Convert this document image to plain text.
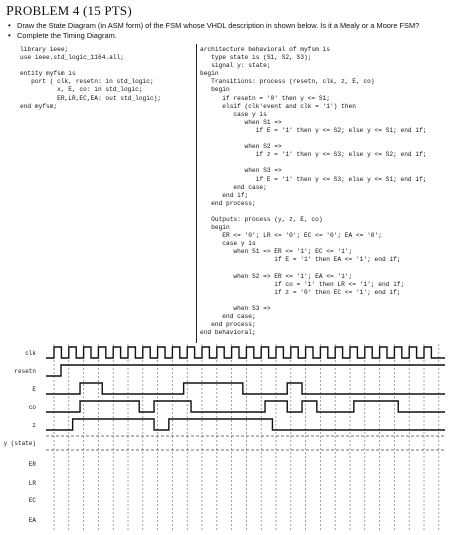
PROBLEM 4 (15 PTS)
• Draw the State Diagram (in ASM form) of the FSM whose VHDL description in shown below. Is it a Mealy or a Moore FSM?
• Complete the Timing Diagram.
library ieee;
use ieee.std_logic_1164.all;

entity myfsm is
port ( clk, resetn: in std_logic;
x, E, co: in std_logic;
ER,LR,EC,EA: out std_logic);
end myfsm;
architecture behavioral of myfsm is
type state is (S1, S2, S3);
signal y: state;
begin
Transitions: process (resetn, clk, z, E, co)
begin
if resetn = '0' then y <= S1;
elsif (clk'event and clk = '1') then
case y is
when S1 =>
if E = '1' then y <= S2; else y <= S1; end if;

when S2 =>
if z = '1' then y <= S3; else y <= S2; end if;

when S3 =>
if E = '1' then y <= S3; else y <= S1; end if;
end case;
end if;
end process;

Outputs: process (y, z, E, co)
begin
ER <= '0'; LR <= '0'; EC <= '0'; EA <= '0';
case y is
when S1 => ER <= '1'; EC <= '1';
if E = '1' then EA <= '1'; end if;

when S2 => ER <= '1'; EA <= '1';
if co = '1' then LR <= '1'; end if;
if z = '0' then EC <= '1'; end if;

when S3 =>
end case;
end process;
end behavioral;
clk
resetn
E
co
z
y (state)
ER
LR
EC
EA
